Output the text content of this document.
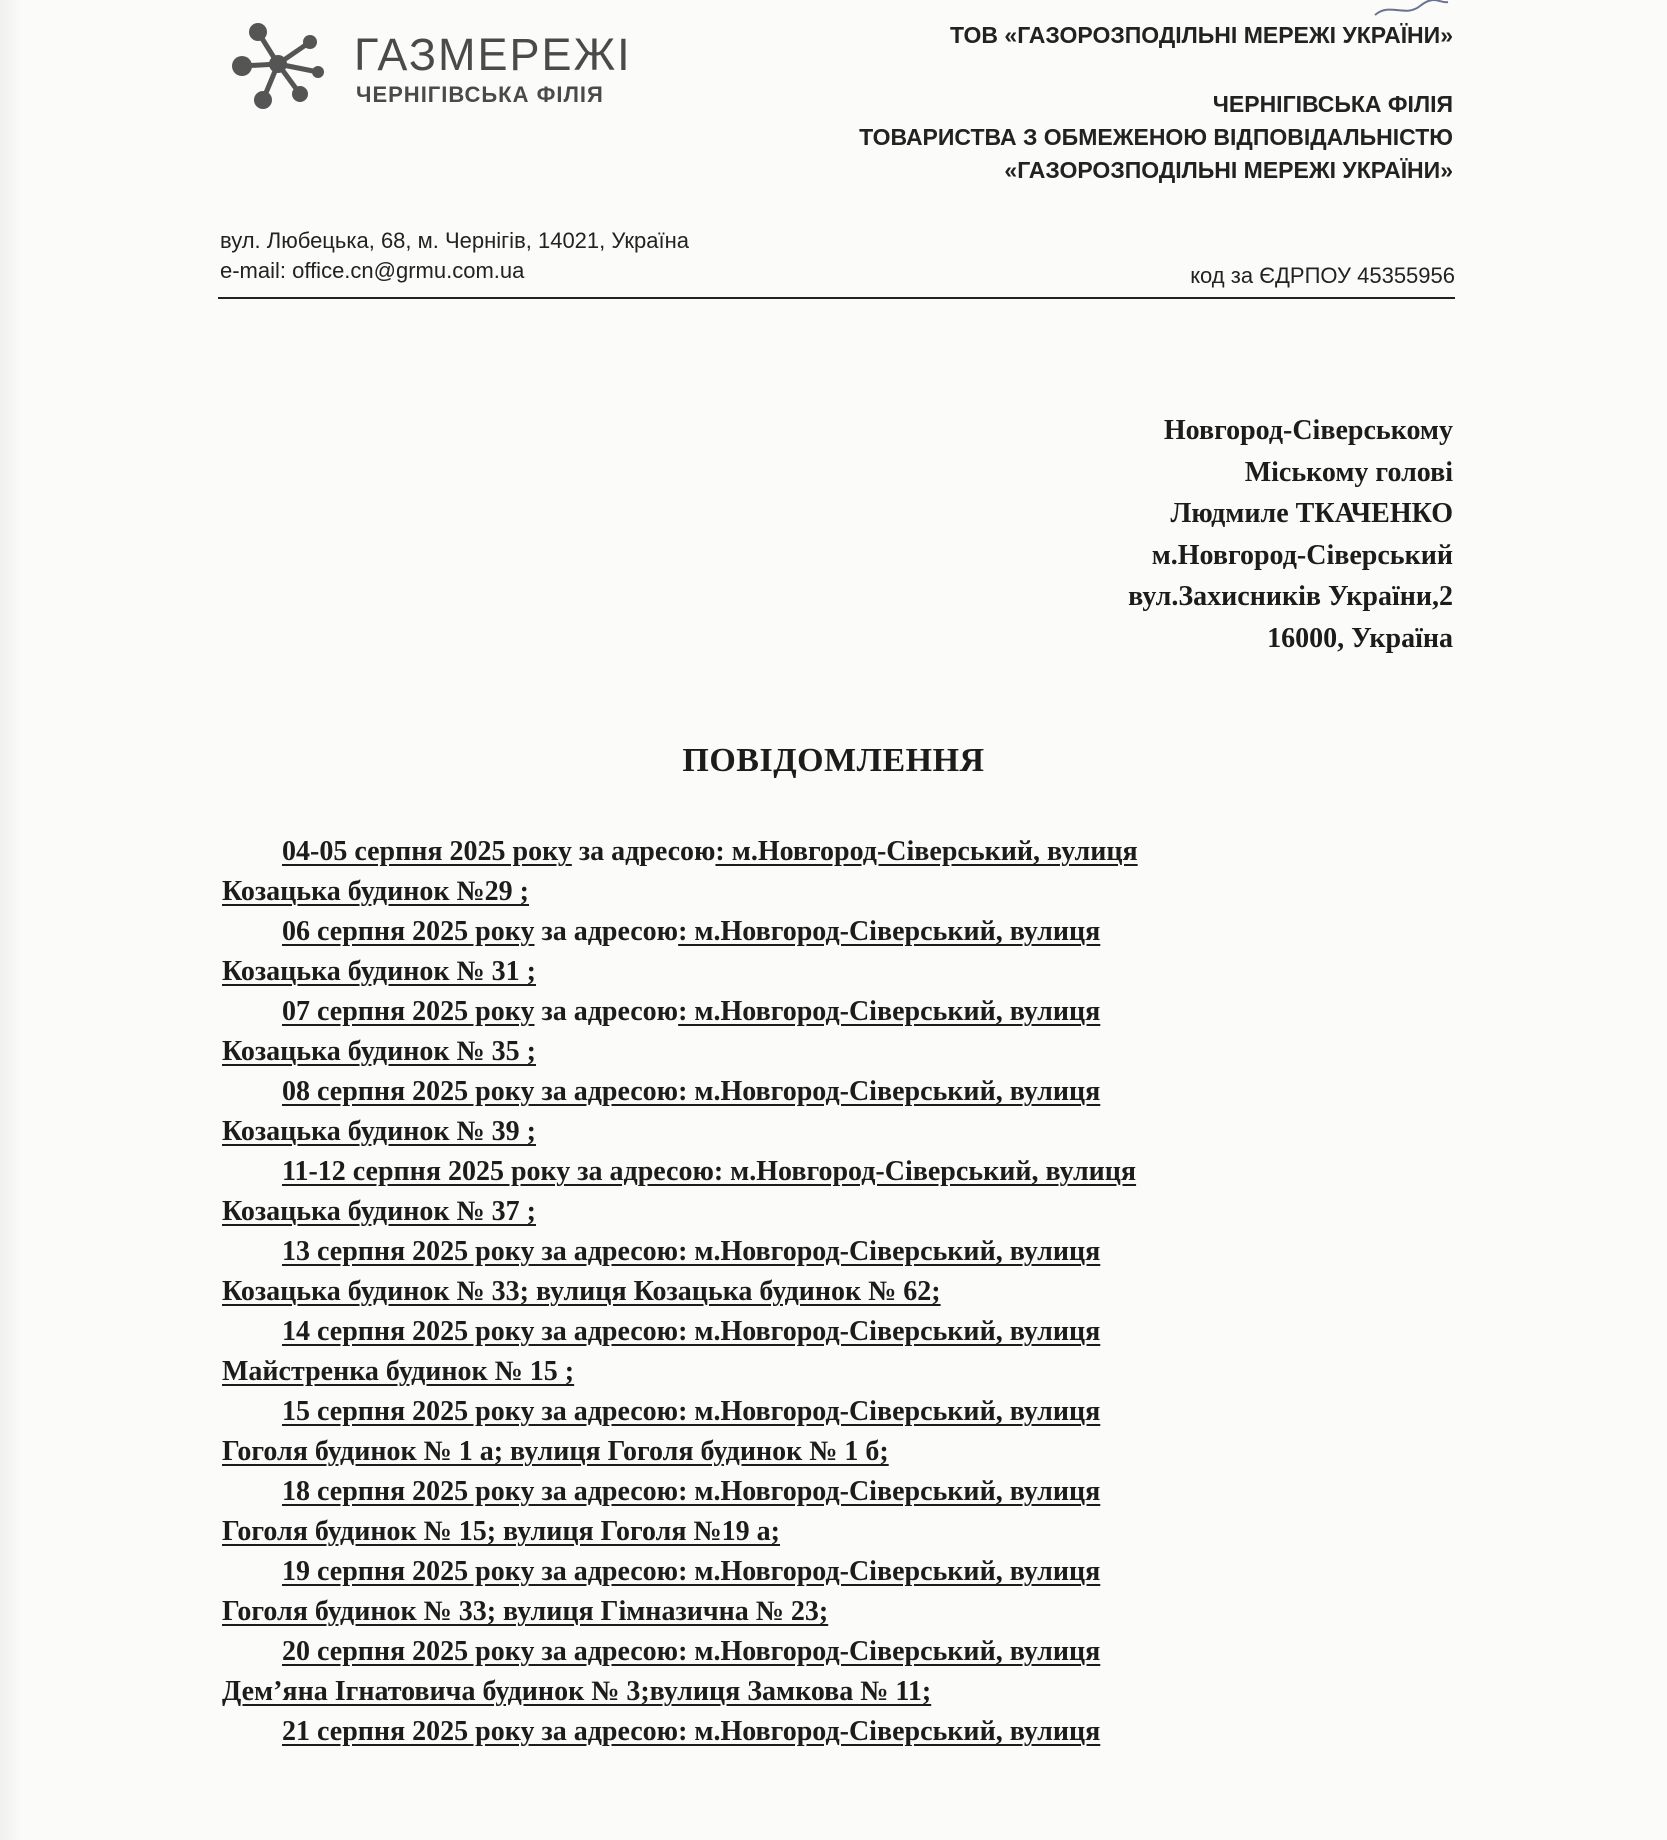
ГАЗМЕРЕЖІ
ЧЕРНІГІВСЬКА ФІЛІЯ
ТОВ «ГАЗОРОЗПОДІЛЬНІ МЕРЕЖІ УКРАЇНИ»
ЧЕРНІГІВСЬКА ФІЛІЯ
ТОВАРИСТВА З ОБМЕЖЕНОЮ ВІДПОВІДАЛЬНІСТЮ
«ГАЗОРОЗПОДІЛЬНІ МЕРЕЖІ УКРАЇНИ»
вул. Любецька, 68, м. Чернігів, 14021, Україна
e-mail: office.cn@grmu.com.ua	код за ЄДРПОУ 45355956
Новгород-Сіверському
Міському голові
Людмиле ТКАЧЕНКО
м.Новгород-Сіверський
вул.Захисників України,2
16000, Україна
ПОВІДОМЛЕННЯ
04-05 серпня 2025 року за адресою: м.Новгород-Сіверський, вулиця
Козацька будинок №29 ;
06 серпня 2025 року за адресою: м.Новгород-Сіверський, вулиця
Козацька будинок № 31 ;
07 серпня 2025 року за адресою: м.Новгород-Сіверський, вулиця
Козацька будинок № 35 ;
08 серпня 2025 року за адресою: м.Новгород-Сіверський, вулиця
Козацька будинок № 39 ;
11-12 серпня 2025 року за адресою: м.Новгород-Сіверський, вулиця
Козацька будинок № 37 ;
13 серпня 2025 року за адресою: м.Новгород-Сіверський, вулиця
Козацька будинок № 33; вулиця Козацька будинок № 62;
14 серпня 2025 року за адресою: м.Новгород-Сіверський, вулиця
Майстренка будинок № 15 ;
15 серпня 2025 року за адресою: м.Новгород-Сіверський, вулиця
Гоголя будинок № 1 а; вулиця Гоголя будинок № 1 б;
18 серпня 2025 року за адресою: м.Новгород-Сіверський, вулиця
Гоголя будинок № 15; вулиця Гоголя №19 а;
19 серпня 2025 року за адресою: м.Новгород-Сіверський, вулиця
Гоголя будинок № 33; вулиця Гімназична № 23;
20 серпня 2025 року за адресою: м.Новгород-Сіверський, вулиця
Дем’яна Ігнатовича будинок № 3;вулиця Замкова № 11;
21 серпня 2025 року за адресою: м.Новгород-Сіверський, вулиця
